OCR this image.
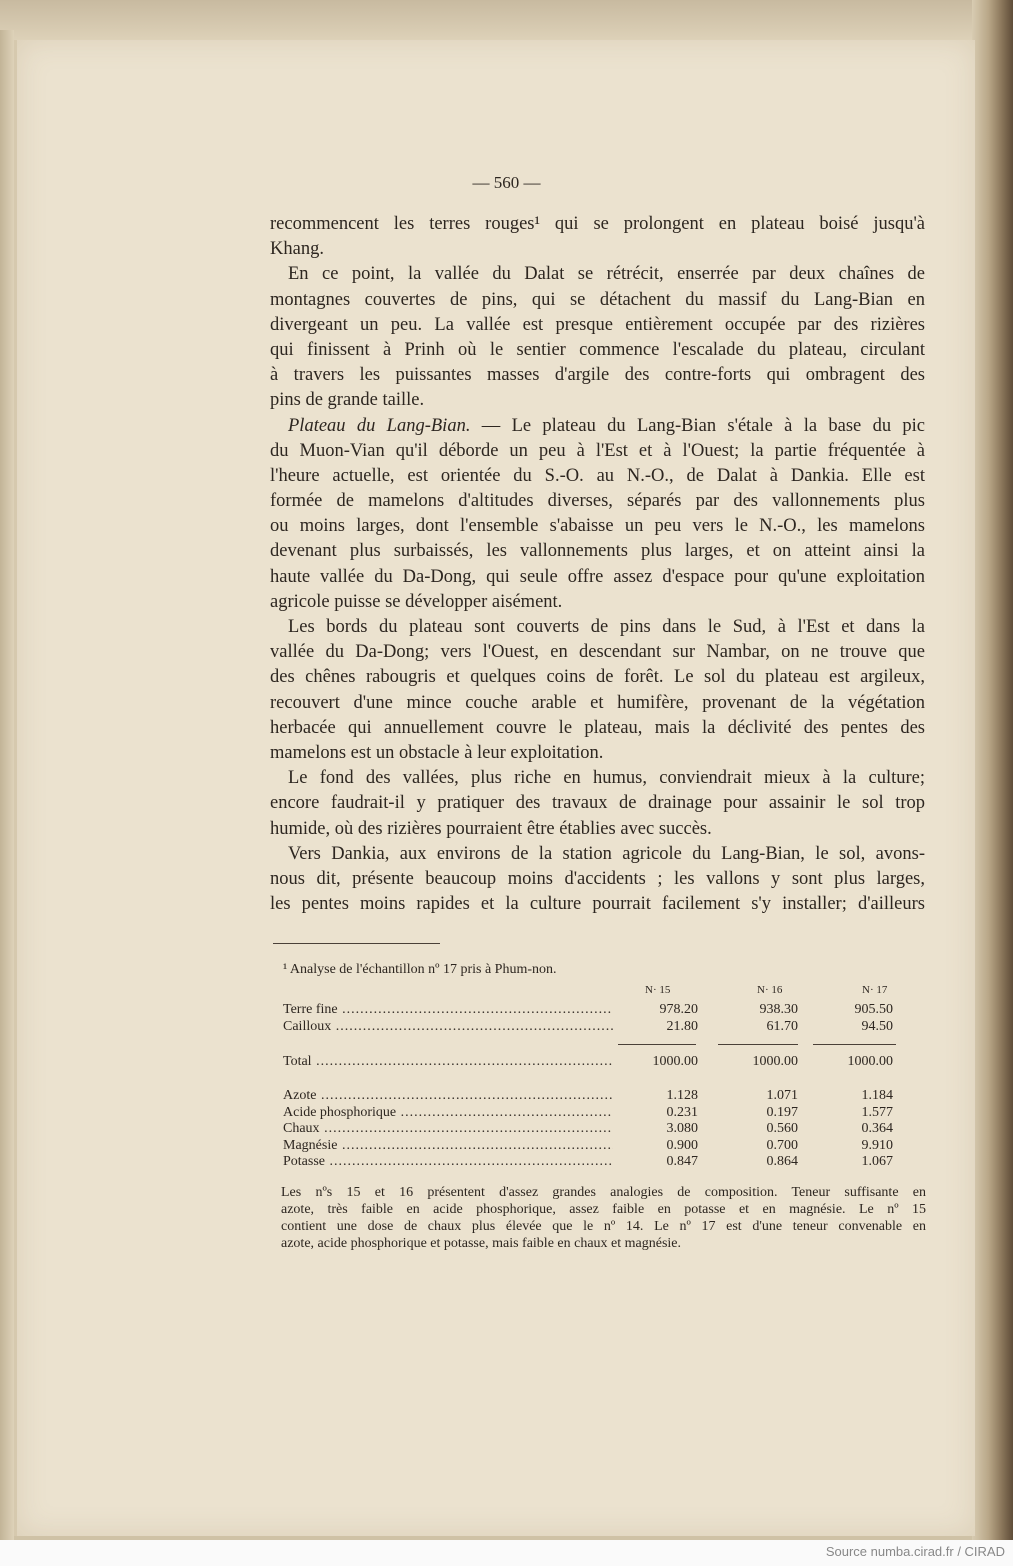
— 560 —
recommencent les terres rouges¹ qui se prolongent en plateau boisé jusqu'à
Khang.
En ce point, la vallée du Dalat se rétrécit, enserrée par deux chaînes de
montagnes couvertes de pins, qui se détachent du massif du Lang-Bian en
divergeant un peu. La vallée est presque entièrement occupée par des rizières
qui finissent à Prinh où le sentier commence l'escalade du plateau, circulant
à travers les puissantes masses d'argile des contre-forts qui ombragent des
pins de grande taille.
Plateau du Lang-Bian. — Le plateau du Lang-Bian s'étale à la base du pic
du Muon-Vian qu'il déborde un peu à l'Est et à l'Ouest; la partie fréquentée à
l'heure actuelle, est orientée du S.-O. au N.-O., de Dalat à Dankia. Elle est
formée de mamelons d'altitudes diverses, séparés par des vallonnements plus
ou moins larges, dont l'ensemble s'abaisse un peu vers le N.-O., les mamelons
devenant plus surbaissés, les vallonnements plus larges, et on atteint ainsi la
haute vallée du Da-Dong, qui seule offre assez d'espace pour qu'une exploitation
agricole puisse se développer aisément.
Les bords du plateau sont couverts de pins dans le Sud, à l'Est et dans la
vallée du Da-Dong; vers l'Ouest, en descendant sur Nambar, on ne trouve que
des chênes rabougris et quelques coins de forêt. Le sol du plateau est argileux,
recouvert d'une mince couche arable et humifère, provenant de la végétation
herbacée qui annuellement couvre le plateau, mais la déclivité des pentes des
mamelons est un obstacle à leur exploitation.
Le fond des vallées, plus riche en humus, conviendrait mieux à la culture;
encore faudrait-il y pratiquer des travaux de drainage pour assainir le sol trop
humide, où des rizières pourraient être établies avec succès.
Vers Dankia, aux environs de la station agricole du Lang-Bian, le sol, avons-
nous dit, présente beaucoup moins d'accidents ; les vallons y sont plus larges,
les pentes moins rapides et la culture pourrait facilement s'y installer; d'ailleurs
¹ Analyse de l'échantillon nº 17 pris à Phum-non.
N· 15	N· 16	N· 17
Terre fine .....	978.20	938.30	905.50
Cailloux .....	21.80	61.70	94.50
Total .....	1000.00	1000.00	1000.00
Azote .....	1.128	1.071	1.184
Acide phosphorique .....	0.231	0.197	1.577
Chaux .....	3.080	0.560	0.364
Magnésie .....	0.900	0.700	9.910
Potasse .....	0.847	0.864	1.067
Les nºs 15 et 16 présentent d'assez grandes analogies de composition. Teneur suffisante en
azote, très faible en acide phosphorique, assez faible en potasse et en magnésie. Le nº 15
contient une dose de chaux plus élevée que le nº 14. Le nº 17 est d'une teneur convenable en
azote, acide phosphorique et potasse, mais faible en chaux et magnésie.
Source numba.cirad.fr / CIRAD
